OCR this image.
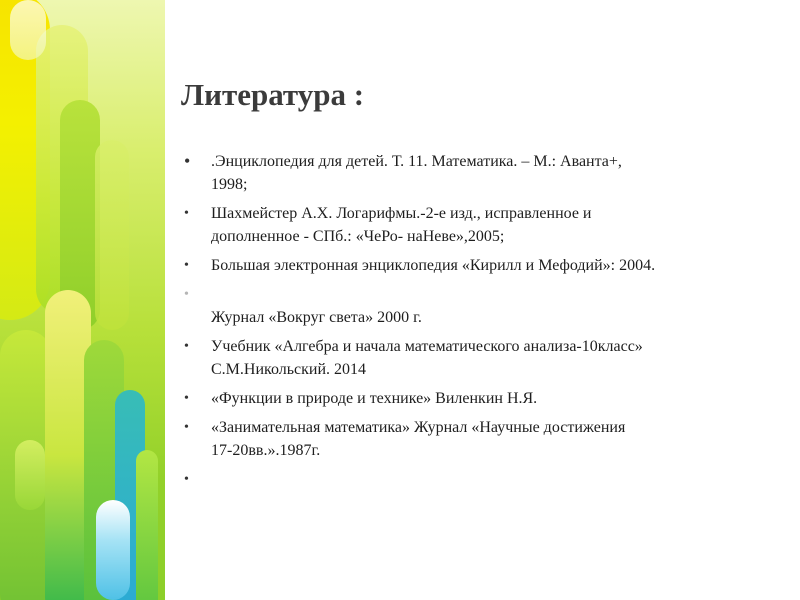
Литература :
•	.Энциклопедия для детей. Т. 11. Математика. – М.: Аванта+,
1998;
•	Шахмейстер А.Х. Логарифмы.-2-е изд., исправленное и
дополненное - СПб.: «ЧеРо- наНеве»,2005;
•	Большая электронная энциклопедия «Кирилл и Мефодий»: 2004.
•
Журнал «Вокруг света» 2000 г.
•	Учебник «Алгебра и начала математического анализа-10класс»
С.М.Никольский. 2014
•	«Функции в природе и технике» Виленкин Н.Я.
•	«Занимательная математика» Журнал «Научные достижения
17-20вв.».1987г.
•
